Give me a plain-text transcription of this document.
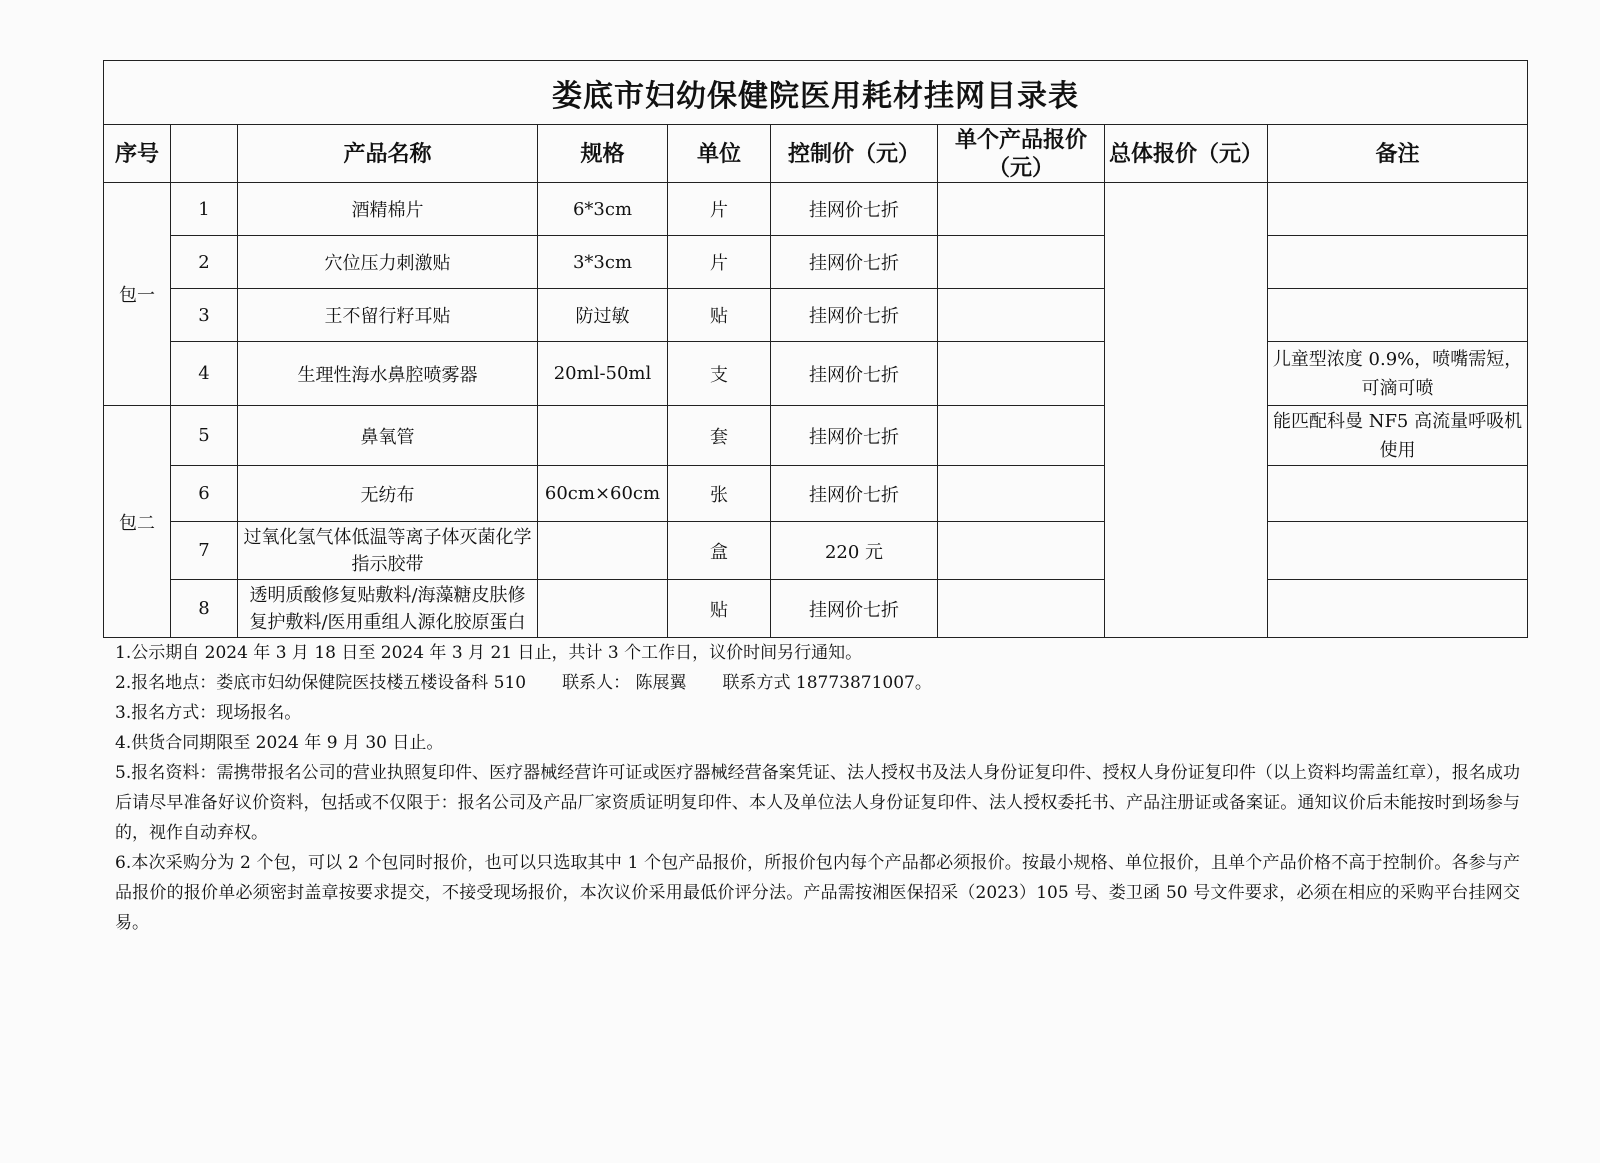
娄底市妇幼保健院医用耗材挂网目录表								
序号		产品名称	规格	单位	控制价（元）	单个产品报价（元）	总体报价（元）	备注
包一	1	酒精棉片	6*3cm	片	挂网价七折			
	2	穴位压力刺激贴	3*3cm	片	挂网价七折			
	3	王不留行籽耳贴	防过敏	贴	挂网价七折			
	4	生理性海水鼻腔喷雾器	20ml-50ml	支	挂网价七折			儿童型浓度 0.9%，喷嘴需短，可滴可喷
包二	5	鼻氧管		套	挂网价七折			能匹配科曼 NF5 高流量呼吸机使用
	6	无纺布	60cm×60cm	张	挂网价七折			
	7	过氧化氢气体低温等离子体灭菌化学指示胶带		盒	220 元			
	8	透明质酸修复贴敷料/海藻糖皮肤修复护敷料/医用重组人源化胶原蛋白		贴	挂网价七折			

1.公示期自 2024 年 3 月 18 日至 2024 年 3 月 21 日止，共计 3 个工作日，议价时间另行通知。

2.报名地点：娄底市妇幼保健院医技楼五楼设备科 510 联系人： 陈展翼 联系方式 18773871007。

3.报名方式：现场报名。

4.供货合同期限至 2024 年 9 月 30 日止。

5.报名资料：需携带报名公司的营业执照复印件、医疗器械经营许可证或医疗器械经营备案凭证、法人授权书及法人身份证复印件、授权人身份证复印件（以上资料均需盖红章），报名成功后请尽早准备好议价资料，包括或不仅限于：报名公司及产品厂家资质证明复印件、本人及单位法人身份证复印件、法人授权委托书、产品注册证或备案证。通知议价后未能按时到场参与的，视作自动弃权。

6.本次采购分为 2 个包，可以 2 个包同时报价，也可以只选取其中 1 个包产品报价，所报价包内每个产品都必须报价。按最小规格、单位报价，且单个产品价格不高于控制价。各参与产品报价的报价单必须密封盖章按要求提交，不接受现场报价，本次议价采用最低价评分法。产品需按湘医保招采（2023）105 号、娄卫函 50 号文件要求，必须在相应的采购平台挂网交易。
